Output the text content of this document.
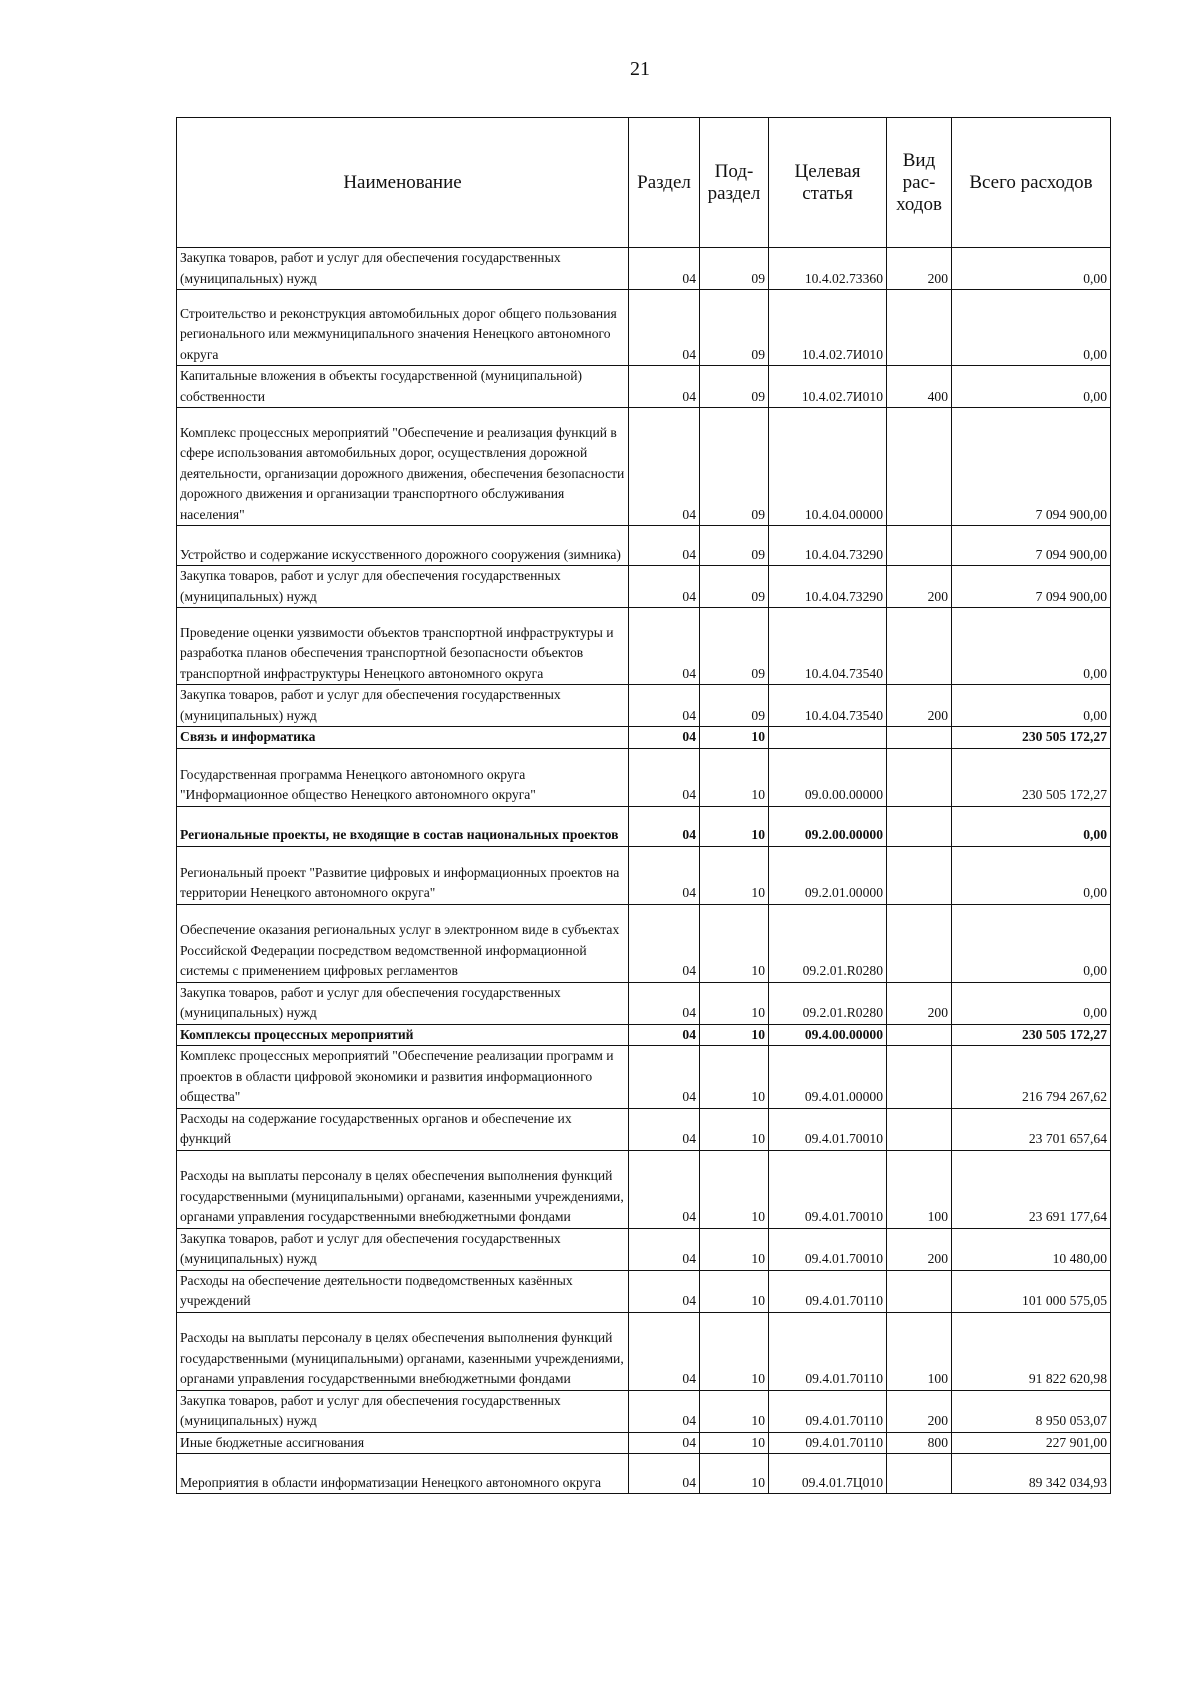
21
Наименование	Раздел	Под-раздел	Целевая статья	Вид рас-ходов	Всего расходов
Закупка товаров, работ и услуг для обеспечения государственных (муниципальных) нужд	04	09	10.4.02.73360	200	0,00
Строительство и реконструкция автомобильных дорог общего пользования регионального или межмуниципального значения Ненецкого автономного округа	04	09	10.4.02.7И010		0,00
Капитальные вложения в объекты государственной (муниципальной) собственности	04	09	10.4.02.7И010	400	0,00
Комплекс процессных мероприятий "Обеспечение и реализация функций в сфере использования автомобильных дорог, осуществления дорожной деятельности, организации дорожного движения, обеспечения безопасности дорожного движения и организации транспортного обслуживания населения"	04	09	10.4.04.00000		7 094 900,00
Устройство и содержание искусственного дорожного сооружения (зимника)	04	09	10.4.04.73290		7 094 900,00
Закупка товаров, работ и услуг для обеспечения государственных (муниципальных) нужд	04	09	10.4.04.73290	200	7 094 900,00
Проведение оценки уязвимости объектов транспортной инфраструктуры и разработка планов обеспечения транспортной безопасности объектов транспортной инфраструктуры Ненецкого автономного округа	04	09	10.4.04.73540		0,00
Закупка товаров, работ и услуг для обеспечения государственных (муниципальных) нужд	04	09	10.4.04.73540	200	0,00
Связь и информатика	04	10			230 505 172,27
Государственная программа Ненецкого автономного округа "Информационное общество Ненецкого автономного округа"	04	10	09.0.00.00000		230 505 172,27
Региональные проекты, не входящие в состав национальных проектов	04	10	09.2.00.00000		0,00
Региональный проект "Развитие цифровых и информационных проектов на территории Ненецкого автономного округа"	04	10	09.2.01.00000		0,00
Обеспечение оказания региональных услуг в электронном виде в субъектах Российской Федерации посредством ведомственной информационной системы с применением цифровых регламентов	04	10	09.2.01.R0280		0,00
Закупка товаров, работ и услуг для обеспечения государственных (муниципальных) нужд	04	10	09.2.01.R0280	200	0,00
Комплексы процессных мероприятий	04	10	09.4.00.00000		230 505 172,27
Комплекс процессных мероприятий "Обеспечение реализации программ и проектов в области цифровой экономики и развития информационного общества"	04	10	09.4.01.00000		216 794 267,62
Расходы на содержание государственных органов и обеспечение их функций	04	10	09.4.01.70010		23 701 657,64
Расходы на выплаты персоналу в целях обеспечения выполнения функций государственными (муниципальными) органами, казенными учреждениями, органами управления государственными внебюджетными фондами	04	10	09.4.01.70010	100	23 691 177,64
Закупка товаров, работ и услуг для обеспечения государственных (муниципальных) нужд	04	10	09.4.01.70010	200	10 480,00
Расходы на обеспечение деятельности подведомственных казённых учреждений	04	10	09.4.01.70110		101 000 575,05
Расходы на выплаты персоналу в целях обеспечения выполнения функций государственными (муниципальными) органами, казенными учреждениями, органами управления государственными внебюджетными фондами	04	10	09.4.01.70110	100	91 822 620,98
Закупка товаров, работ и услуг для обеспечения государственных (муниципальных) нужд	04	10	09.4.01.70110	200	8 950 053,07
Иные бюджетные ассигнования	04	10	09.4.01.70110	800	227 901,00
Мероприятия в области информатизации Ненецкого автономного округа	04	10	09.4.01.7Ц010		89 342 034,93
